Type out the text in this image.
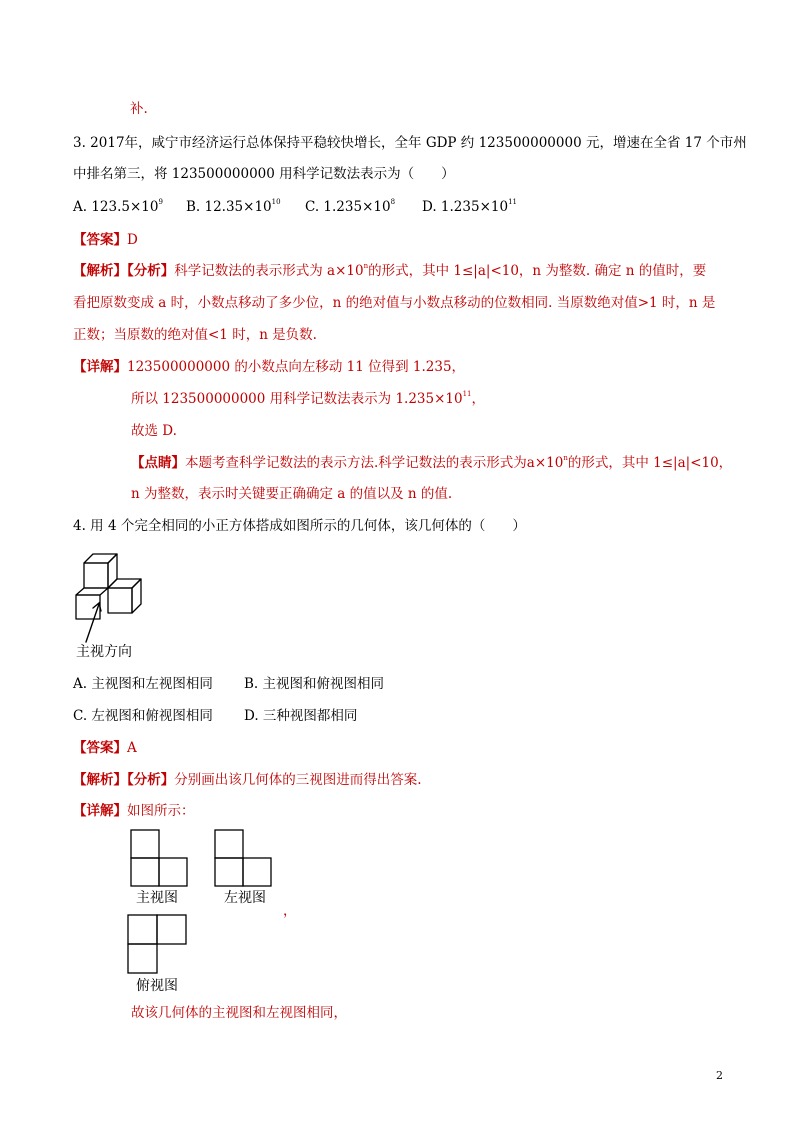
补.
3. 2017年，咸宁市经济运行总体保持平稳较快增长，全年 GDP 约 123500000000 元，增速在全省 17 个市州
中排名第三，将 123500000000 用科学记数法表示为（　　）
A. $123.5\times 10^9$ B. $12.35\times 10^{10}$ C. $1.235\times 10^8$ D. $1.235\times 10^{11}$
【答案】D
【解析】【分析】科学记数法的表示形式为 $a\times 10^n$的形式，其中 1≤|a|<10，n 为整数. 确定 n 的值时，要
看把原数变成 a 时，小数点移动了多少位，n 的绝对值与小数点移动的位数相同. 当原数绝对值>1 时，n 是
正数；当原数的绝对值<1 时，n 是负数.
【详解】123500000000 的小数点向左移动 11 位得到 1.235，
所以 123500000000 用科学记数法表示为 $1.235\times 10^{11}$，
故选 D.
【点睛】本题考查科学记数法的表示方法.科学记数法的表示形式为$a\times 10^n$的形式，其中 1≤|a|<10，
n 为整数，表示时关键要正确确定 a 的值以及 n 的值.
4. 用 4 个完全相同的小正方体搭成如图所示的几何体，该几何体的（　　）
主视方向
A. 主视图和左视图相同 B. 主视图和俯视图相同
C. 左视图和俯视图相同 D. 三种视图都相同
【答案】A
【解析】【分析】分别画出该几何体的三视图进而得出答案.
【详解】如图所示：
主视图	左视图
，
俯视图
故该几何体的主视图和左视图相同，
2
